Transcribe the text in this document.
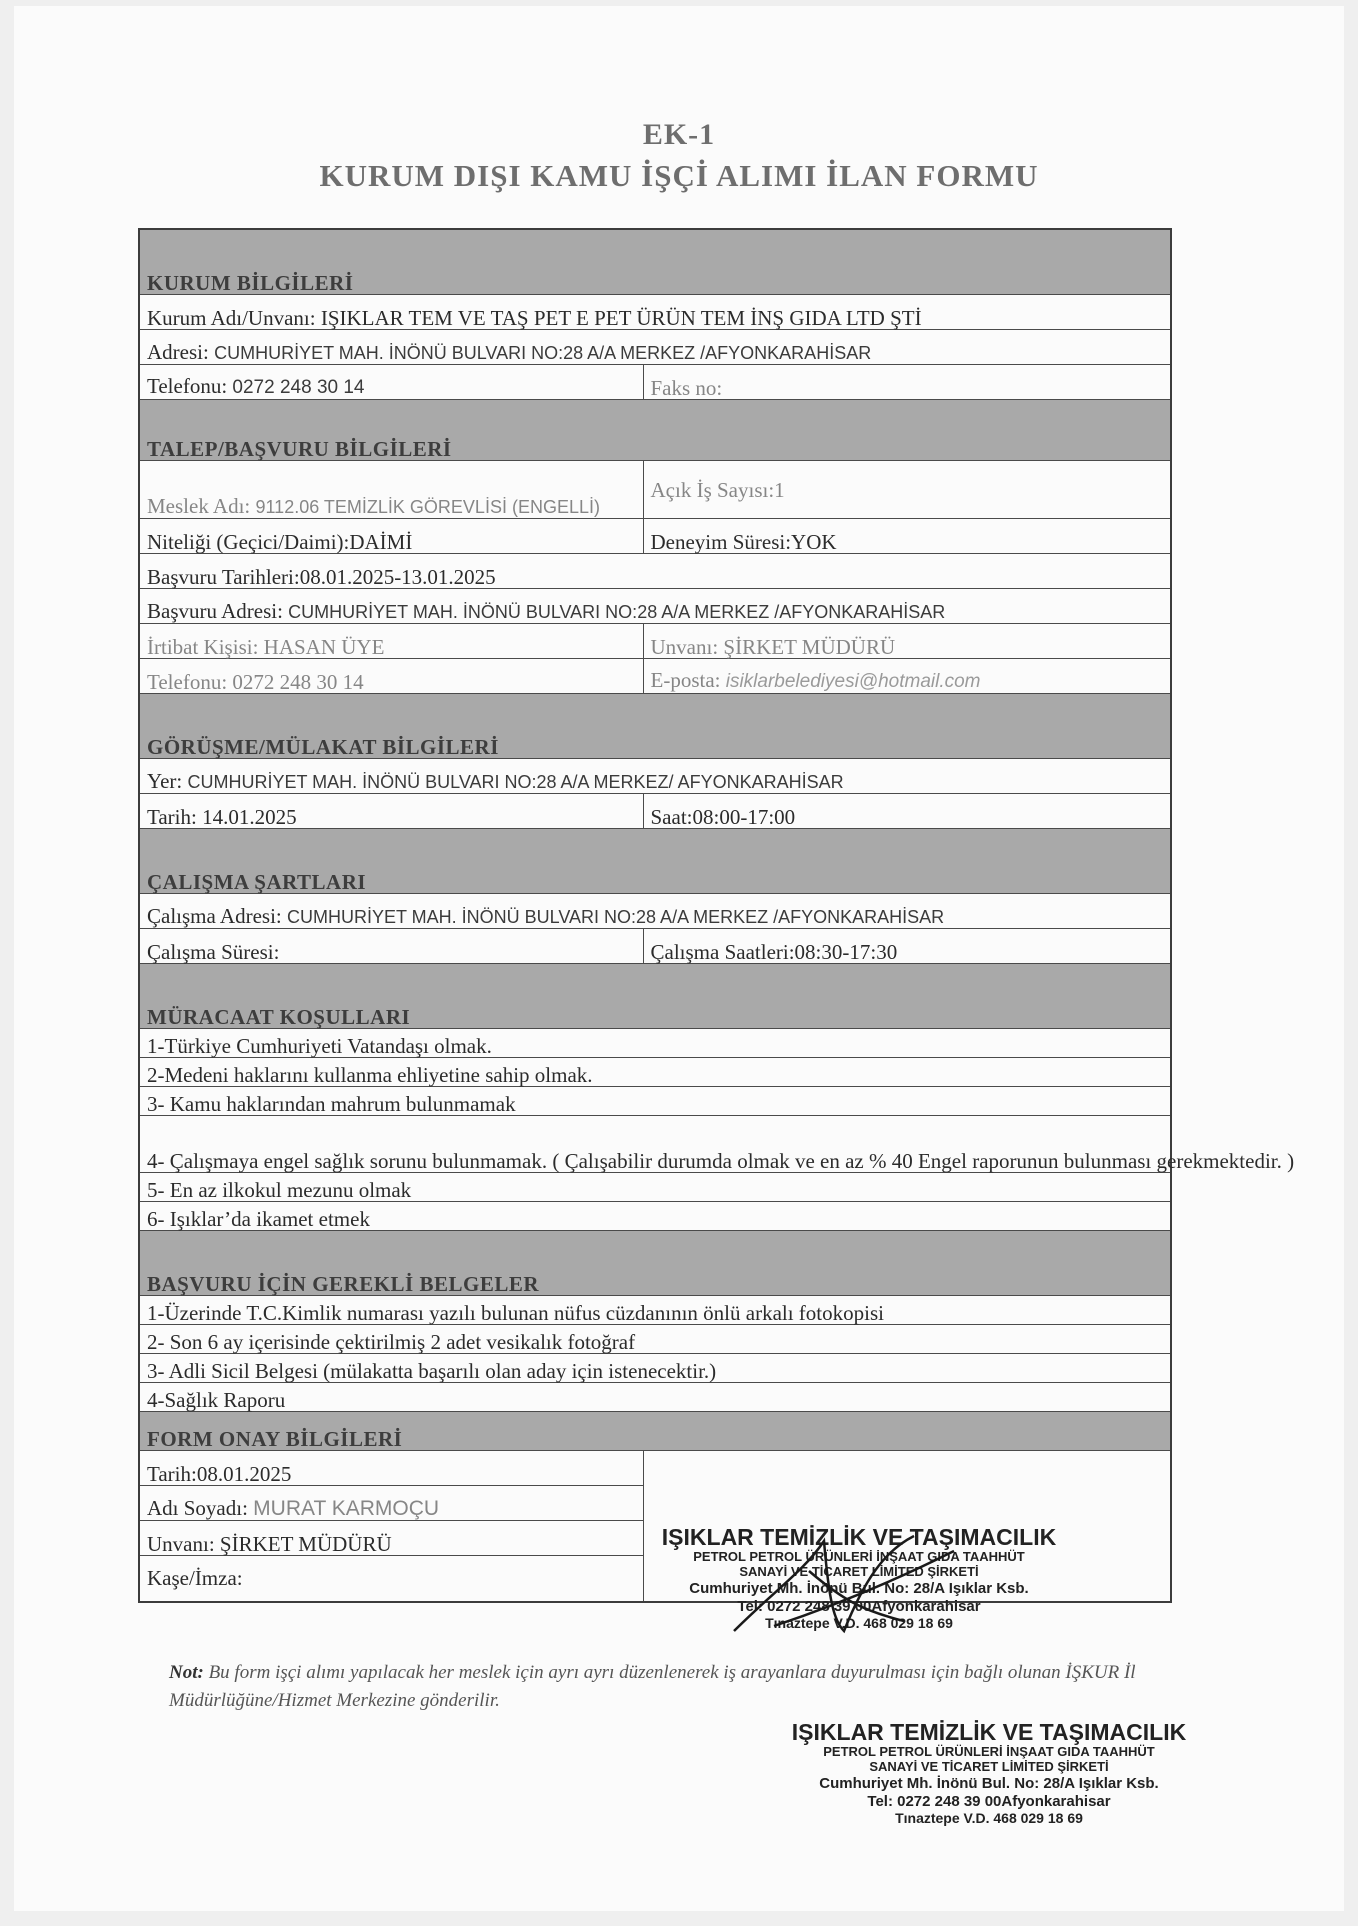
EK-1
KURUM DIŞI KAMU İŞÇİ ALIMI İLAN FORMU
KURUM BİLGİLERİ	
Kurum Adı/Unvanı: IŞIKLAR TEM VE TAŞ PET E PET ÜRÜN TEM İNŞ GIDA LTD ŞTİ	
Adresi: CUMHURİYET MAH. İNÖNÜ BULVARI NO:28 A/A MERKEZ /AFYONKARAHİSAR	
Telefonu: 0272 248 30 14	Faks no:
TALEP/BAŞVURU BİLGİLERİ	
Meslek Adı: 9112.06 TEMİZLİK GÖREVLİSİ (ENGELLİ)	Açık İş Sayısı:1
Niteliği (Geçici/Daimi):DAİMİ	Deneyim Süresi:YOK
Başvuru Tarihleri:08.01.2025-13.01.2025	
Başvuru Adresi: CUMHURİYET MAH. İNÖNÜ BULVARI NO:28 A/A MERKEZ /AFYONKARAHİSAR	
İrtibat Kişisi: HASAN ÜYE	Unvanı: ŞİRKET MÜDÜRÜ
Telefonu: 0272 248 30 14	E-posta: isiklarbelediyesi@hotmail.com
GÖRÜŞME/MÜLAKAT BİLGİLERİ	
Yer: CUMHURİYET MAH. İNÖNÜ BULVARI NO:28 A/A MERKEZ/ AFYONKARAHİSAR	
Tarih: 14.01.2025	Saat:08:00-17:00
ÇALIŞMA ŞARTLARI	
Çalışma Adresi: CUMHURİYET MAH. İNÖNÜ BULVARI NO:28 A/A MERKEZ /AFYONKARAHİSAR	
Çalışma Süresi:	Çalışma Saatleri:08:30-17:30
MÜRACAAT KOŞULLARI	
1-Türkiye Cumhuriyeti Vatandaşı olmak.	
2-Medeni haklarını kullanma ehliyetine sahip olmak.	
3- Kamu haklarından mahrum bulunmamak	
4- Çalışmaya engel sağlık sorunu bulunmamak. ( Çalışabilir durumda olmak ve en az % 40 Engel raporunun bulunması gerekmektedir. )	
5- En az ilkokul mezunu olmak	
6- Işıklar’da ikamet etmek	
BAŞVURU İÇİN GEREKLİ BELGELER	
1-Üzerinde T.C.Kimlik numarası yazılı bulunan nüfus cüzdanının önlü arkalı fotokopisi	
2- Son 6 ay içerisinde çektirilmiş 2 adet vesikalık fotoğraf	
3- Adli Sicil Belgesi (mülakatta başarılı olan aday için istenecektir.)	
4-Sağlık Raporu	
FORM ONAY BİLGİLERİ	
Tarih:08.01.2025	
Adı Soyadı: MURAT KARMOÇU	
Unvanı: ŞİRKET MÜDÜRÜ	
Kaşe/İmza:	
IŞIKLAR TEMİZLİK VE TAŞIMACILIK
PETROL PETROL ÜRÜNLERİ İNŞAAT GIDA TAAHHÜT
SANAYİ VE TİCARET LİMİTED ŞİRKETİ
Cumhuriyet Mh. İnönü Bul. No: 28/A Işıklar Ksb.
Tel: 0272 248 39 00Afyonkarahisar
Tınaztepe V.D. 468 029 18 69
Not: Bu form işçi alımı yapılacak her meslek için ayrı ayrı düzenlenerek iş arayanlara duyurulması için bağlı olunan İŞKUR İl Müdürlüğüne/Hizmet Merkezine gönderilir.
IŞIKLAR TEMİZLİK VE TAŞIMACILIK
PETROL PETROL ÜRÜNLERİ İNŞAAT GIDA TAAHHÜT
SANAYİ VE TİCARET LİMİTED ŞİRKETİ
Cumhuriyet Mh. İnönü Bul. No: 28/A Işıklar Ksb.
Tel: 0272 248 39 00Afyonkarahisar
Tınaztepe V.D. 468 029 18 69
